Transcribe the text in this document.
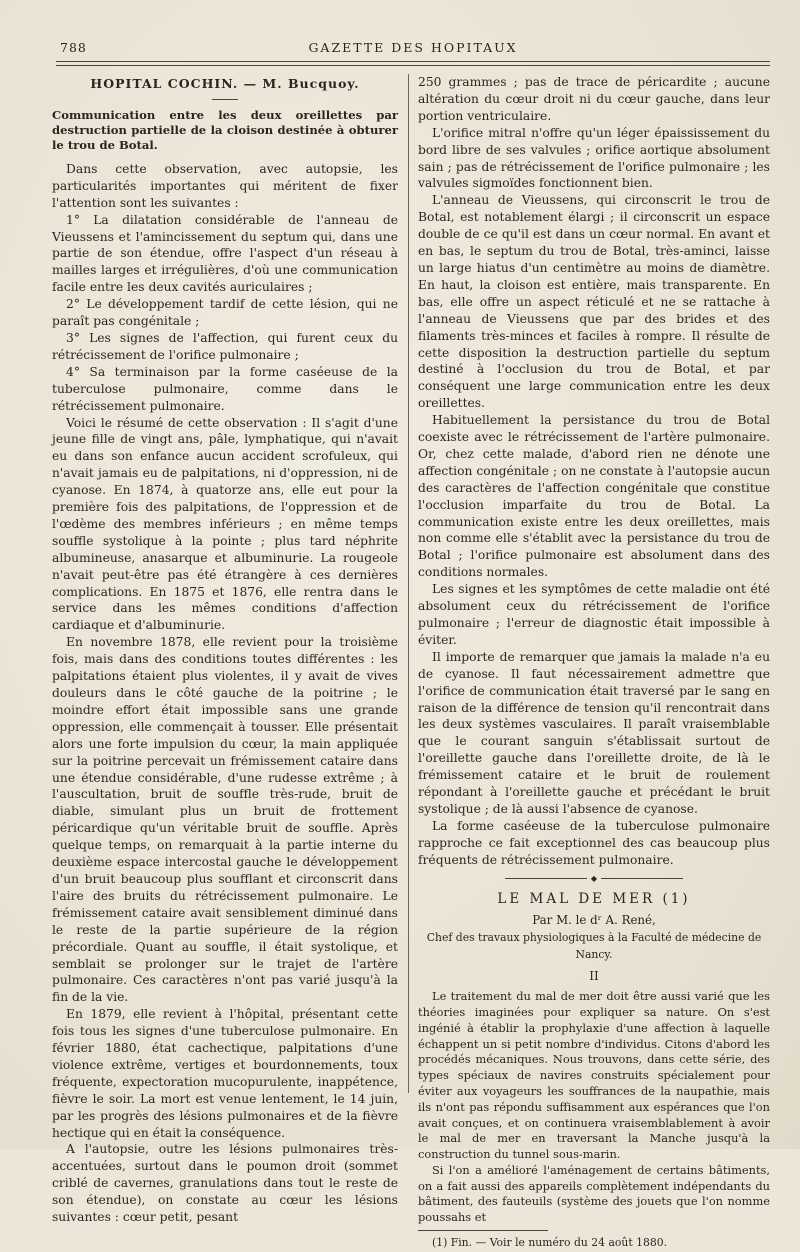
788	GAZETTE DES HOPITAUX
HOPITAL COCHIN. — M. Bucquoy.
Communication entre les deux oreillettes par destruction partielle de la cloison destinée à obturer le trou de Botal.

Dans cette observation, avec autopsie, les particularités importantes qui méritent de fixer l'attention sont les suivantes :

1° La dilatation considérable de l'anneau de Vieussens et l'amincissement du septum qui, dans une partie de son étendue, offre l'aspect d'un réseau à mailles larges et irrégulières, d'où une communication facile entre les deux cavités auriculaires ;

2° Le développement tardif de cette lésion, qui ne paraît pas congénitale ;

3° Les signes de l'affection, qui furent ceux du rétrécissement de l'orifice pulmonaire ;

4° Sa terminaison par la forme caséeuse de la tuberculose pulmonaire, comme dans le rétrécissement pulmonaire.

Voici le résumé de cette observation : Il s'agit d'une jeune fille de vingt ans, pâle, lymphatique, qui n'avait eu dans son enfance aucun accident scrofuleux, qui n'avait jamais eu de palpitations, ni d'oppression, ni de cyanose. En 1874, à quatorze ans, elle eut pour la première fois des palpitations, de l'oppression et de l'œdème des membres inférieurs ; en même temps souffle systolique à la pointe ; plus tard néphrite albumineuse, anasarque et albuminurie. La rougeole n'avait peut-être pas été étrangère à ces dernières complications. En 1875 et 1876, elle rentra dans le service dans les mêmes conditions d'affection cardiaque et d'albuminurie.

En novembre 1878, elle revient pour la troisième fois, mais dans des conditions toutes différentes : les palpitations étaient plus violentes, il y avait de vives douleurs dans le côté gauche de la poitrine ; le moindre effort était impossible sans une grande oppression, elle commençait à tousser. Elle présentait alors une forte impulsion du cœur, la main appliquée sur la poitrine percevait un frémissement cataire dans une étendue considérable, d'une rudesse extrême ; à l'auscultation, bruit de souffle très-rude, bruit de diable, simulant plus un bruit de frottement péricardique qu'un véritable bruit de souffle. Après quelque temps, on remarquait à la partie interne du deuxième espace intercostal gauche le développement d'un bruit beaucoup plus soufflant et circonscrit dans l'aire des bruits du rétrécissement pulmonaire. Le frémissement cataire avait sensiblement diminué dans le reste de la partie supérieure de la région précordiale. Quant au souffle, il était systolique, et semblait se prolonger sur le trajet de l'artère pulmonaire. Ces caractères n'ont pas varié jusqu'à la fin de la vie.

En 1879, elle revient à l'hôpital, présentant cette fois tous les signes d'une tuberculose pulmonaire. En février 1880, état cachectique, palpitations d'une violence extrême, vertiges et bourdonnements, toux fréquente, expectoration mucopurulente, inappétence, fièvre le soir. La mort est venue lentement, le 14 juin, par les progrès des lésions pulmonaires et de la fièvre hectique qui en était la conséquence.

A l'autopsie, outre les lésions pulmonaires très-accentuées, surtout dans le poumon droit (sommet criblé de cavernes, granulations dans tout le reste de son étendue), on constate au cœur les lésions suivantes : cœur petit, pesant

250 grammes ; pas de trace de péricardite ; aucune altération du cœur droit ni du cœur gauche, dans leur portion ventriculaire.

L'orifice mitral n'offre qu'un léger épaississement du bord libre de ses valvules ; orifice aortique absolument sain ; pas de rétrécissement de l'orifice pulmonaire ; les valvules sigmoïdes fonctionnent bien.

L'anneau de Vieussens, qui circonscrit le trou de Botal, est notablement élargi ; il circonscrit un espace double de ce qu'il est dans un cœur normal. En avant et en bas, le septum du trou de Botal, très-aminci, laisse un large hiatus d'un centimètre au moins de diamètre. En haut, la cloison est entière, mais transparente. En bas, elle offre un aspect réticulé et ne se rattache à l'anneau de Vieussens que par des brides et des filaments très-minces et faciles à rompre. Il résulte de cette disposition la destruction partielle du septum destiné à l'occlusion du trou de Botal, et par conséquent une large communication entre les deux oreillettes.

Habituellement la persistance du trou de Botal coexiste avec le rétrécissement de l'artère pulmonaire. Or, chez cette malade, d'abord rien ne dénote une affection congénitale ; on ne constate à l'autopsie aucun des caractères de l'affection congénitale que constitue l'occlusion imparfaite du trou de Botal. La communication existe entre les deux oreillettes, mais non comme elle s'établit avec la persistance du trou de Botal ; l'orifice pulmonaire est absolument dans des conditions normales.

Les signes et les symptômes de cette maladie ont été absolument ceux du rétrécissement de l'orifice pulmonaire ; l'erreur de diagnostic était impossible à éviter.

Il importe de remarquer que jamais la malade n'a eu de cyanose. Il faut nécessairement admettre que l'orifice de communication était traversé par le sang en raison de la différence de tension qu'il rencontrait dans les deux systèmes vasculaires. Il paraît vraisemblable que le courant sanguin s'établissait surtout de l'oreillette gauche dans l'oreillette droite, de là le frémissement cataire et le bruit de roulement répondant à l'oreillette gauche et précédant le bruit systolique ; de là aussi l'absence de cyanose.

La forme caséeuse de la tuberculose pulmonaire rapproche ce fait exceptionnel des cas beaucoup plus fréquents de rétrécissement pulmonaire.

◆
LE MAL DE MER (1)
Par M. le dʳ A. René,
Chef des travaux physiologiques à la Faculté de médecine de Nancy.
II

Le traitement du mal de mer doit être aussi varié que les théories imaginées pour expliquer sa nature. On s'est ingénié à établir la prophylaxie d'une affection à laquelle échappent un si petit nombre d'individus. Citons d'abord les procédés mécaniques. Nous trouvons, dans cette série, des types spéciaux de navires construits spécialement pour éviter aux voyageurs les souffrances de la naupathie, mais ils n'ont pas répondu suffisamment aux espérances que l'on avait conçues, et on continuera vraisemblablement à avoir le mal de mer en traversant la Manche jusqu'à la construction du tunnel sous-marin.

Si l'on a amélioré l'aménagement de certains bâtiments, on a fait aussi des appareils complètement indépendants du bâtiment, des fauteuils (système des jouets que l'on nomme poussahs et

(1) Fin. — Voir le numéro du 24 août 1880.
